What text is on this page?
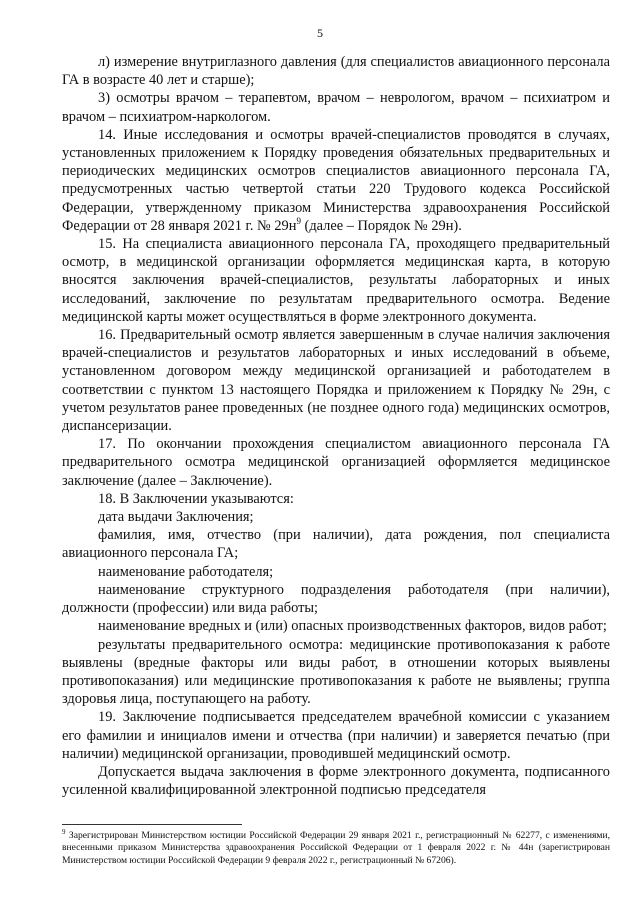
5

л) измерение внутриглазного давления (для специалистов авиационного персонала ГА в возрасте 40 лет и старше);

3) осмотры врачом – терапевтом, врачом – неврологом, врачом – психиатром и врачом – психиатром-наркологом.

14. Иные исследования и осмотры врачей-специалистов проводятся в случаях, установленных приложением к Порядку проведения обязательных предварительных и периодических медицинских осмотров специалистов авиационного персонала ГА, предусмотренных частью четвертой статьи 220 Трудового кодекса Российской Федерации, утвержденному приказом Министерства здравоохранения Российской Федерации от 28 января 2021 г. № $29н^9$ (далее – Порядок № 29н).

15. На специалиста авиационного персонала ГА, проходящего предварительный осмотр, в медицинской организации оформляется медицинская карта, в которую вносятся заключения врачей-специалистов, результаты лабораторных и иных исследований, заключение по результатам предварительного осмотра. Ведение медицинской карты может осуществляться в форме электронного документа.

16. Предварительный осмотр является завершенным в случае наличия заключения врачей-специалистов и результатов лабораторных и иных исследований в объеме, установленном договором между медицинской организацией и работодателем в соответствии с пунктом 13 настоящего Порядка и приложением к Порядку № 29н, с учетом результатов ранее проведенных (не позднее одного года) медицинских осмотров, диспансеризации.

17. По окончании прохождения специалистом авиационного персонала ГА предварительного осмотра медицинской организацией оформляется медицинское заключение (далее – Заключение).

18. В Заключении указываются:

дата выдачи Заключения;

фамилия, имя, отчество (при наличии), дата рождения, пол специалиста авиационного персонала ГА;

наименование работодателя;

наименование структурного подразделения работодателя (при наличии), должности (профессии) или вида работы;

наименование вредных и (или) опасных производственных факторов, видов работ;

результаты предварительного осмотра: медицинские противопоказания к работе выявлены (вредные факторы или виды работ, в отношении которых выявлены противопоказания) или медицинские противопоказания к работе не выявлены; группа здоровья лица, поступающего на работу.

19. Заключение подписывается председателем врачебной комиссии с указанием его фамилии и инициалов имени и отчества (при наличии) и заверяется печатью (при наличии) медицинской организации, проводившей медицинский осмотр.

Допускается выдача заключения в форме электронного документа, подписанного усиленной квалифицированной электронной подписью председателя

$^9$ Зарегистрирован Министерством юстиции Российской Федерации 29 января 2021 г., регистрационный № 62277, с изменениями, внесенными приказом Министерства здравоохранения Российской Федерации от 1 февраля 2022 г. № 44н (зарегистрирован Министерством юстиции Российской Федерации 9 февраля 2022 г., регистрационный № 67206).
